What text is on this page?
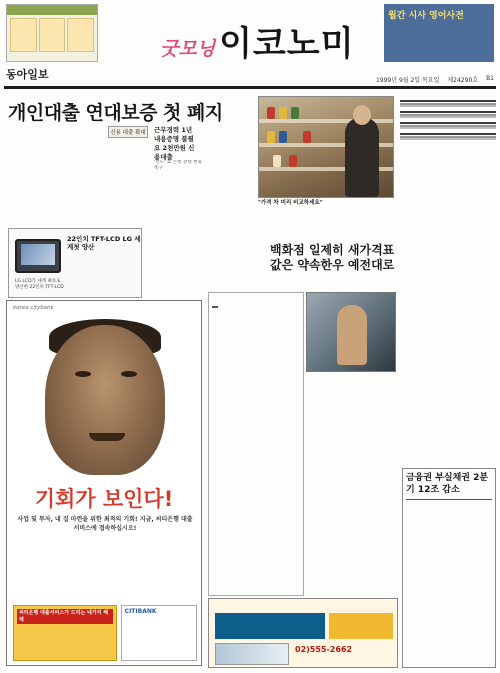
동아일보
굿모닝 이코노미
월간 시사 영어사전
1999년 9월 2일 목요일 제24290호 B1
개인대출 연대보증 첫 폐지
신용 대출 확대	근무경력 1년 내용증명 불필요 2천만원 신용대출
'선도' 로 은행 관행 변화 촉구
"가격 차 미리 비교하세요"
백화점 일제히 새가격표 값은 약속한우 예전대로
22인치 TFT-LCD LG 세계첫 양산
LG LCD가 세계 최초로 양산한 22인치 TFT-LCD
korea citybank
기회가 보인다!
사업 및 투자, 내 집 마련을 위한 최적의 기회! 지금, 씨티은행 대출서비스에 접속하십시오!
씨티은행 대출서비스가 드리는 네가지 혜택
CITIBANK
02)555-2662

금융권 부실채권 2분기 12조 감소
